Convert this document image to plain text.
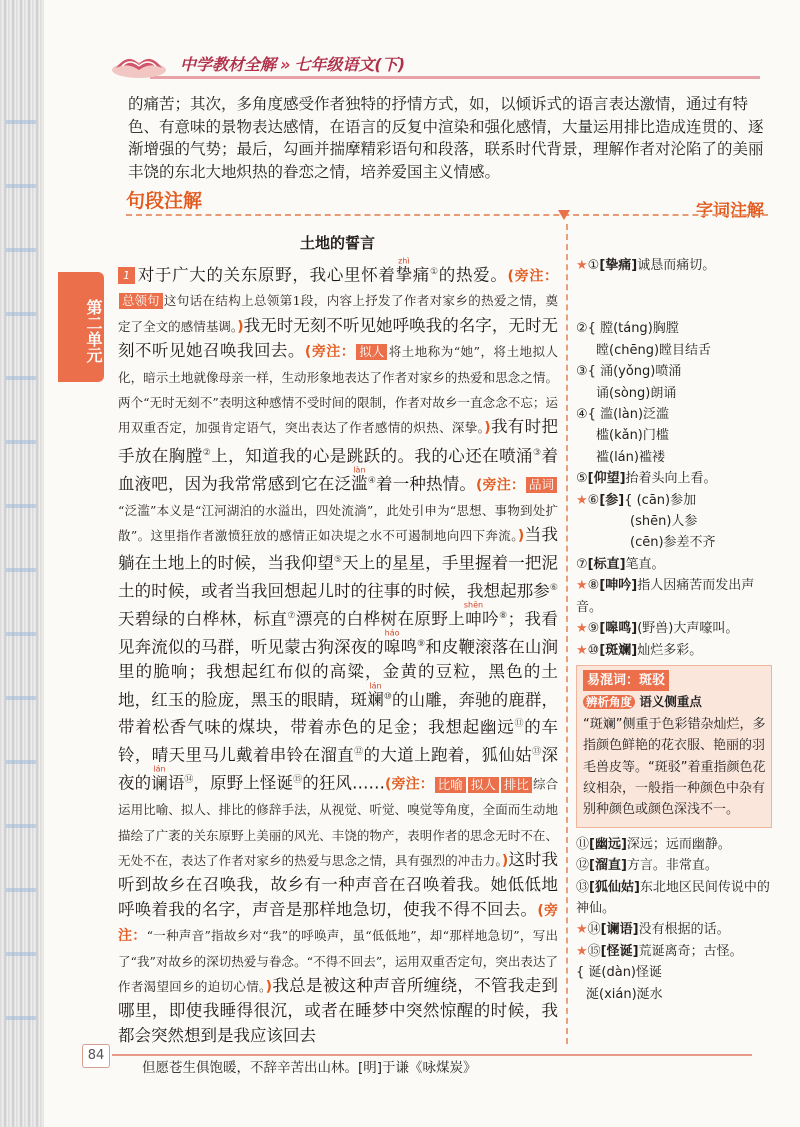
中学教材全解 » 七年级语文(下)
的痛苦；其次，多角度感受作者独特的抒情方式，如，以倾诉式的语言表达激情，通过有特色、有意味的景物表达感情，在语言的反复中渲染和强化感情，大量运用排比造成连贯的、逐渐增强的气势；最后，勾画并揣摩精彩语句和段落，联系时代背景，理解作者对沦陷了的美丽丰饶的东北大地炽热的眷恋之情，培养爱国主义情感。
句段注解	字词注解
第二单元
土地的誓言
1 对于广大的关东原野，我心里怀着挚zhì痛①的热爱。(旁注：总领句 这句话在结构上总领第1段，内容上抒发了作者对家乡的热爱之情，奠定了全文的感情基调。)我无时无刻不听见她呼唤我的名字，无时无刻不听见她召唤我回去。(旁注： 拟人 将土地称为“她”，将土地拟人化，暗示土地就像母亲一样，生动形象地表达了作者对家乡的热爱和思念之情。两个“无时无刻不”表明这种感情不受时间的限制，作者对故乡一直念念不忘；运用双重否定，加强肯定语气，突出表达了作者感情的炽热、深挚。)我有时把手放在胸膛②上，知道我的心是跳跃的。我的心还在喷涌③着血液吧，因为我常常感到它在泛滥làn④着一种热情。(旁注： 品词“泛滥”本义是“江河湖泊的水溢出，四处流淌”，此处引申为“思想、事物到处扩散”。这里指作者激愤狂放的感情正如决堤之水不可遏制地向四下奔流。)当我躺在土地上的时候，当我仰望⑤天上的星星，手里握着一把泥土的时候，或者当我回想起儿时的往事的时候，我想起那参⑥天碧绿的白桦林，标直⑦漂亮的白桦树在原野上呻shēn吟⑧；我看见奔流似的马群，听见蒙古狗深夜的嗥háo鸣⑨和皮鞭滚落在山涧里的脆响；我想起红布似的高粱，金黄的豆粒，黑色的土地，红玉的脸庞，黑玉的眼睛，斑斓lán⑩的山雕，奔驰的鹿群，带着松香气味的煤块，带着赤色的足金；我想起幽远⑪的车铃，晴天里马儿戴着串铃在溜直⑫的大道上跑着，狐仙姑⑬深夜的谰lán语⑭，原野上怪诞⑮的狂风……(旁注： 比喻 拟人 排比 综合运用比喻、拟人、排比的修辞手法，从视觉、听觉、嗅觉等角度，全面而生动地描绘了广袤的关东原野上美丽的风光、丰饶的物产，表明作者的思念无时不在、无处不在，表达了作者对家乡的热爱与思念之情，具有强烈的冲击力。)这时我听到故乡在召唤我，故乡有一种声音在召唤着我。她低低地呼唤着我的名字，声音是那样地急切，使我不得不回去。(旁注：“一种声音”指故乡对“我”的呼唤声，虽“低低地”，却“那样地急切”，写出了“我”对故乡的深切热爱与眷念。“不得不回去”，运用双重否定句，突出表达了作者渴望回乡的迫切心情。)我总是被这种声音所缠绕，不管我走到哪里，即使我睡得很沉，或者在睡梦中突然惊醒的时候，我都会突然想到是我应该回去

★①[挚痛]诚恳而痛切。

②{ 膛(táng)胸膛

瞠(chēng)瞠目结舌

③{ 涌(yǒng)喷涌

诵(sòng)朗诵

④{ 滥(làn)泛滥

槛(kǎn)门槛

褴(lán)褴褛

⑤[仰望]抬着头向上看。

★⑥[参]{ (cān)参加

(shēn)人参

(cēn)参差不齐

⑦[标直]笔直。

★⑧[呻吟]指人因痛苦而发出声音。

★⑨[嗥鸣](野兽)大声嚎叫。

★⑩[斑斓]灿烂多彩。

易混词：斑驳
辨析角度 语义侧重点
“斑斓”侧重于色彩错杂灿烂，多指颜色鲜艳的花衣服、艳丽的羽毛兽皮等。“斑驳”着重指颜色花纹相杂，一般指一种颜色中杂有别种颜色或颜色深浅不一。

⑪[幽远]深远；远而幽静。

⑫[溜直]方言。非常直。

⑬[狐仙姑]东北地区民间传说中的神仙。

★⑭[谰语]没有根据的话。

★⑮[怪诞]荒诞离奇；古怪。

{ 诞(dàn)怪诞

涎(xián)涎水

84
但愿苍生俱饱暖，不辞辛苦出山林。[明]于谦《咏煤炭》
